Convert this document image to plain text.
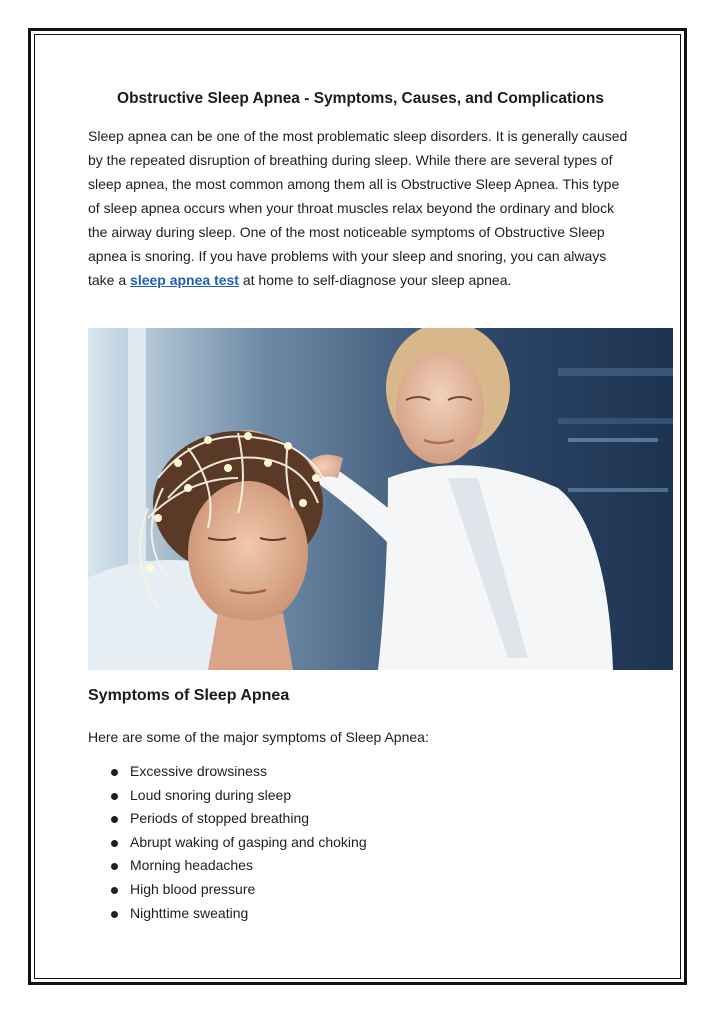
Obstructive Sleep Apnea - Symptoms, Causes, and Complications

Sleep apnea can be one of the most problematic sleep disorders. It is generally caused by the repeated disruption of breathing during sleep. While there are several types of sleep apnea, the most common among them all is Obstructive Sleep Apnea. This type of sleep apnea occurs when your throat muscles relax beyond the ordinary and block the airway during sleep. One of the most noticeable symptoms of Obstructive Sleep apnea is snoring. If you have problems with your sleep and snoring, you can always take a sleep apnea test at home to self-diagnose your sleep apnea.

Symptoms of Sleep Apnea

Here are some of the major symptoms of Sleep Apnea:

Excessive drowsiness
Loud snoring during sleep
Periods of stopped breathing
Abrupt waking of gasping and choking
Morning headaches
High blood pressure
Nighttime sweating
